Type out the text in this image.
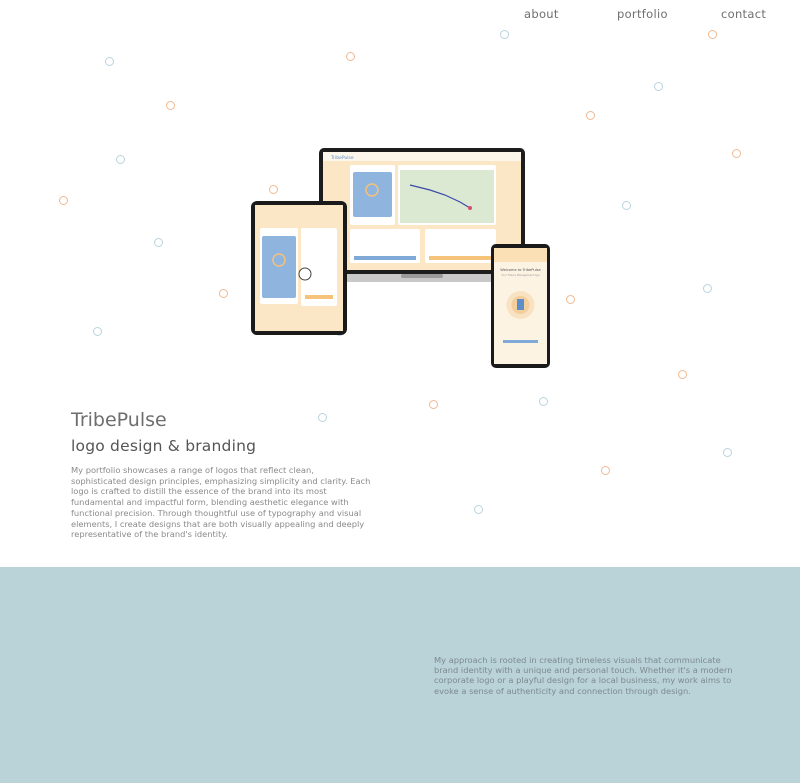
about	portfolio	contact
TribePulse
Welcome to TribePulse
Your Tribe's Management App
TribePulse
logo design & branding

My portfolio showcases a range of logos that reflect clean, sophisticated design principles, emphasizing simplicity and clarity. Each logo is crafted to distill the essence of the brand into its most fundamental and impactful form, blending aesthetic elegance with functional precision. Through thoughtful use of typography and visual elements, I create designs that are both visually appealing and deeply representative of the brand's identity.

My approach is rooted in creating timeless visuals that communicate brand identity with a unique and personal touch. Whether it's a modern corporate logo or a playful design for a local business, my work aims to evoke a sense of authenticity and connection through design.
